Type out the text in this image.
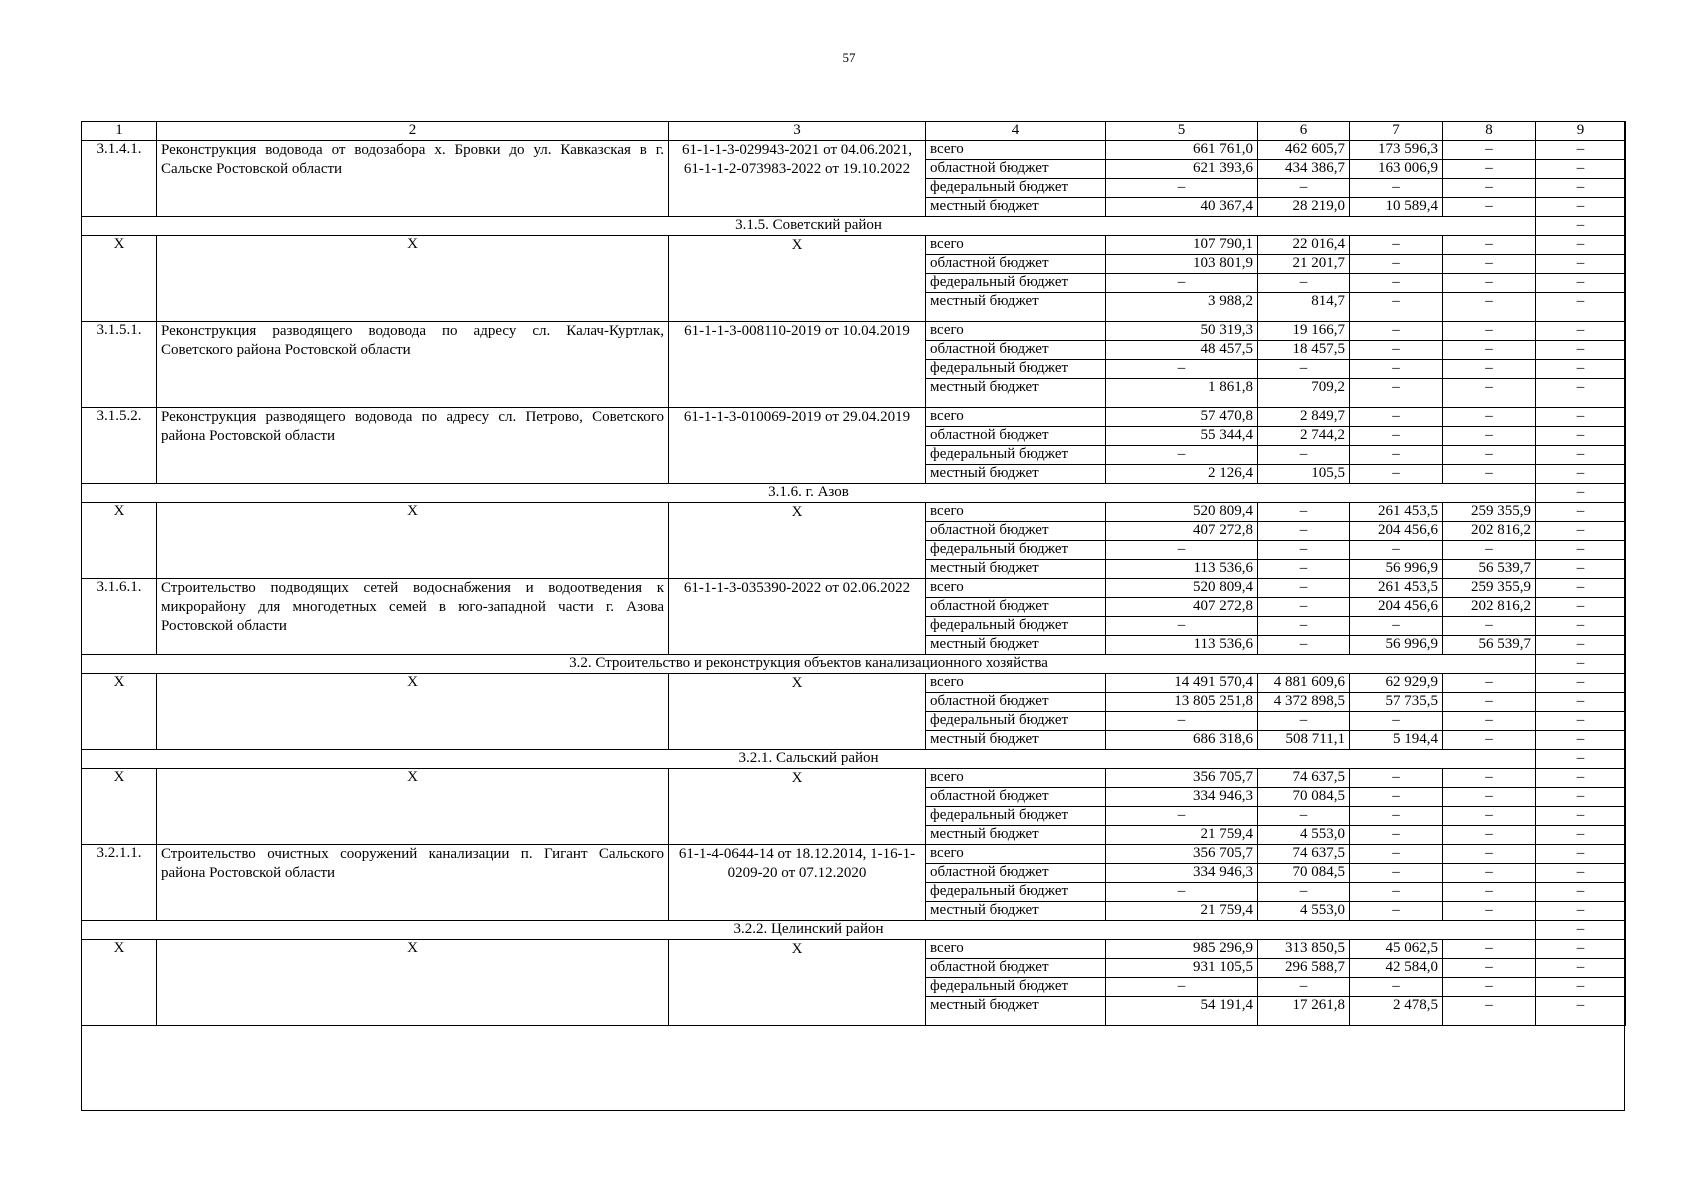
57
1	2	3	4	5	6	7	8	9
3.1.4.1.	Реконструкция водовода от водозабора х. Бровки до ул. Кавказская в г. Сальске Ростовской области	61-1-1-3-029943-2021 от 04.06.2021, 61-1-1-2-073983-2022 от 19.10.2022	всего	661 761,0	462 605,7	173 596,3	–	–
			областной бюджет	621 393,6	434 386,7	163 006,9	–	–
			федеральный бюджет	–	–	–	–	–
			местный бюджет	40 367,4	28 219,0	10 589,4	–	–
3.1.5. Советский район								–
Х	Х	Х	всего	107 790,1	22 016,4	–	–	–
			областной бюджет	103 801,9	21 201,7	–	–	–
			федеральный бюджет	–	–	–	–	–
			местный бюджет	3 988,2	814,7	–	–	–
3.1.5.1.	Реконструкция разводящего водовода по адресу сл. Калач-Куртлак, Советского района Ростовской области	61-1-1-3-008110-2019 от 10.04.2019	всего	50 319,3	19 166,7	–	–	–
			областной бюджет	48 457,5	18 457,5	–	–	–
			федеральный бюджет	–	–	–	–	–
			местный бюджет	1 861,8	709,2	–	–	–
3.1.5.2.	Реконструкция разводящего водовода по адресу сл. Петрово, Советского района Ростовской области	61-1-1-3-010069-2019 от 29.04.2019	всего	57 470,8	2 849,7	–	–	–
			областной бюджет	55 344,4	2 744,2	–	–	–
			федеральный бюджет	–	–	–	–	–
			местный бюджет	2 126,4	105,5	–	–	–
3.1.6. г. Азов								–
Х	Х	Х	всего	520 809,4	–	261 453,5	259 355,9	–
			областной бюджет	407 272,8	–	204 456,6	202 816,2	–
			федеральный бюджет	–	–	–	–	–
			местный бюджет	113 536,6	–	56 996,9	56 539,7	–
3.1.6.1.	Строительство подводящих сетей водоснабжения и водоотведения к микрорайону для многодетных семей в юго-западной части г. Азова Ростовской области	61-1-1-3-035390-2022 от 02.06.2022	всего	520 809,4	–	261 453,5	259 355,9	–
			областной бюджет	407 272,8	–	204 456,6	202 816,2	–
			федеральный бюджет	–	–	–	–	–
			местный бюджет	113 536,6	–	56 996,9	56 539,7	–
3.2. Строительство и реконструкция объектов канализационного хозяйства								–
Х	Х	Х	всего	14 491 570,4	4 881 609,6	62 929,9	–	–
			областной бюджет	13 805 251,8	4 372 898,5	57 735,5	–	–
			федеральный бюджет	–	–	–	–	–
			местный бюджет	686 318,6	508 711,1	5 194,4	–	–
3.2.1. Сальский район								–
Х	Х	Х	всего	356 705,7	74 637,5	–	–	–
			областной бюджет	334 946,3	70 084,5	–	–	–
			федеральный бюджет	–	–	–	–	–
			местный бюджет	21 759,4	4 553,0	–	–	–
3.2.1.1.	Строительство очистных сооружений канализации п. Гигант Сальского района Ростовской области	61-1-4-0644-14 от 18.12.2014, 1-16-1-0209-20 от 07.12.2020	всего	356 705,7	74 637,5	–	–	–
			областной бюджет	334 946,3	70 084,5	–	–	–
			федеральный бюджет	–	–	–	–	–
			местный бюджет	21 759,4	4 553,0	–	–	–
3.2.2. Целинский район								–
Х	Х	Х	всего	985 296,9	313 850,5	45 062,5	–	–
			областной бюджет	931 105,5	296 588,7	42 584,0	–	–
			федеральный бюджет	–	–	–	–	–
			местный бюджет	54 191,4	17 261,8	2 478,5	–	–
